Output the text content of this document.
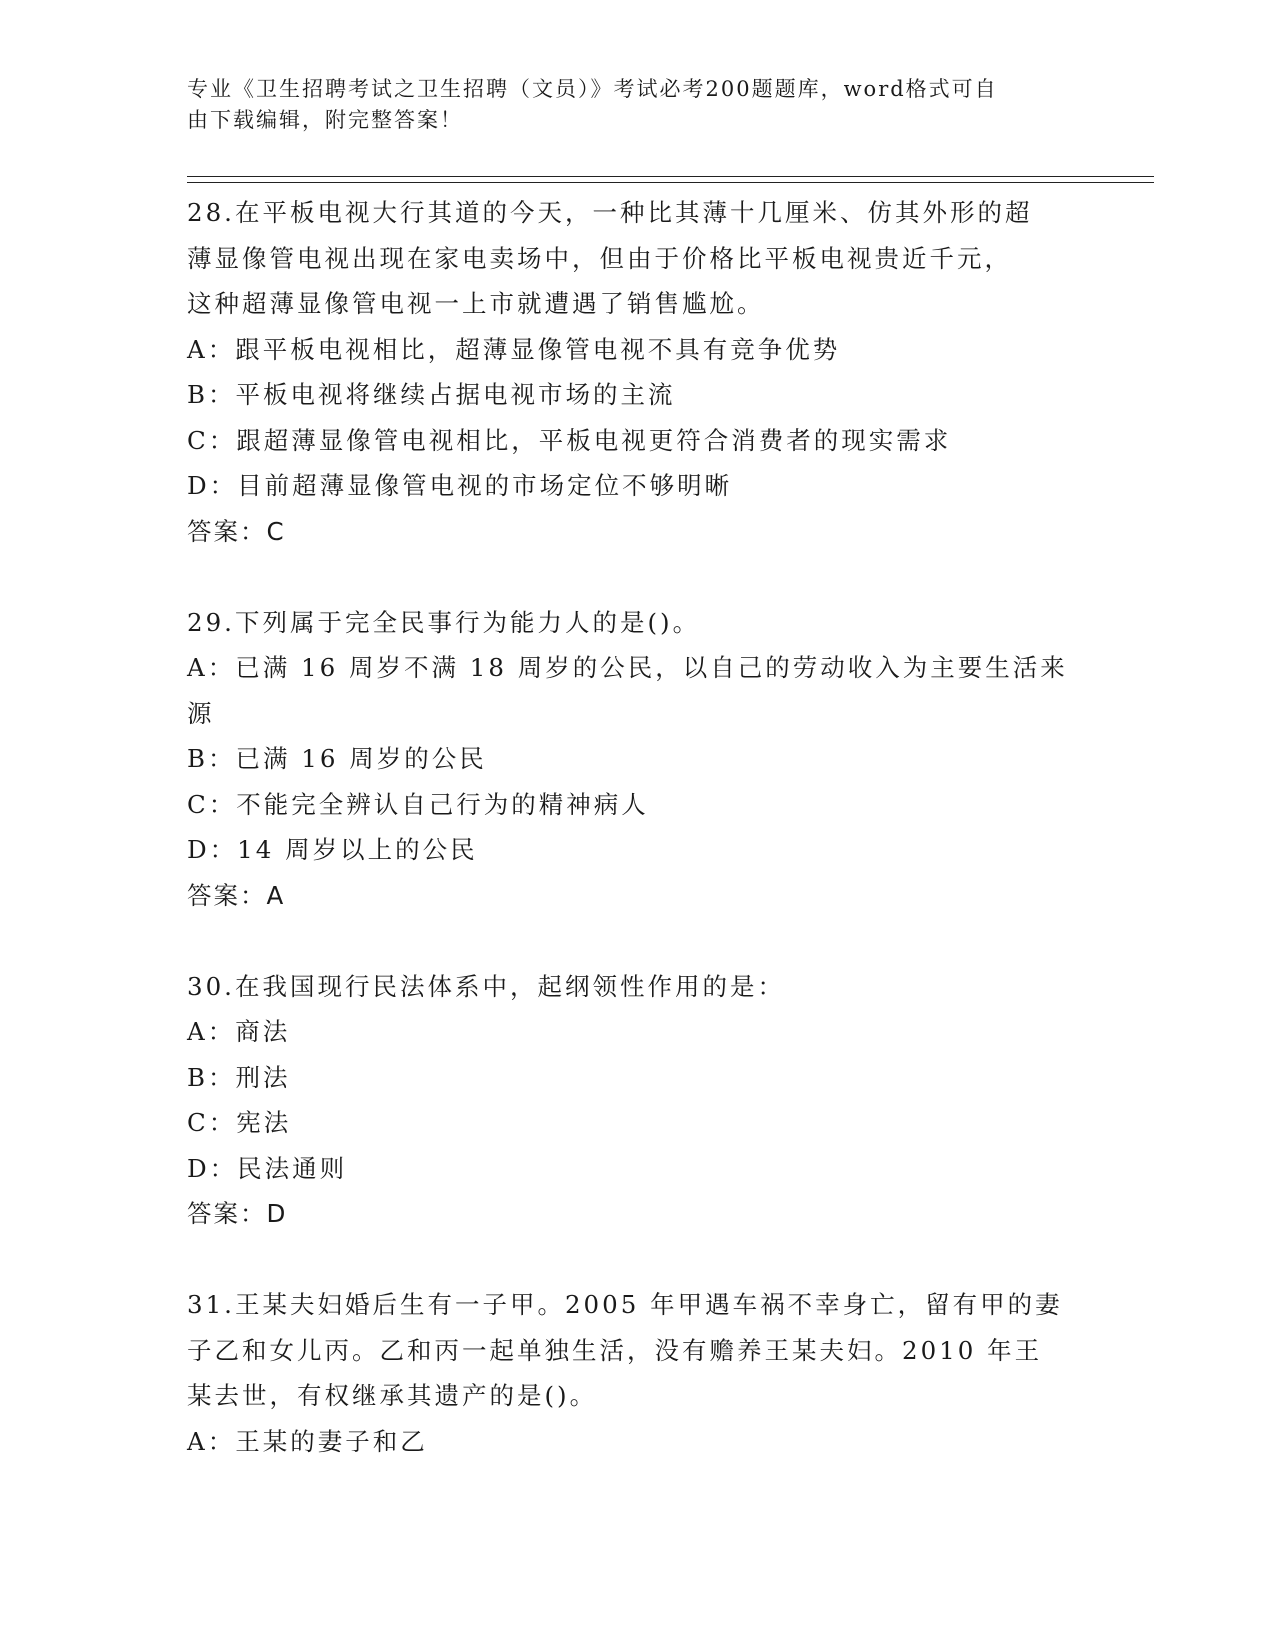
专业《卫生招聘考试之卫生招聘（文员）》考试必考200题题库，word格式可自
由下载编辑，附完整答案！
28.在平板电视大行其道的今天，一种比其薄十几厘米、仿其外形的超
薄显像管电视出现在家电卖场中，但由于价格比平板电视贵近千元，
这种超薄显像管电视一上市就遭遇了销售尴尬。
A：跟平板电视相比，超薄显像管电视不具有竞争优势
B：平板电视将继续占据电视市场的主流
C：跟超薄显像管电视相比，平板电视更符合消费者的现实需求
D：目前超薄显像管电视的市场定位不够明晰
答案：C
29.下列属于完全民事行为能力人的是()。
A：已满 16 周岁不满 18 周岁的公民，以自己的劳动收入为主要生活来
源
B：已满 16 周岁的公民
C：不能完全辨认自己行为的精神病人
D：14 周岁以上的公民
答案：A
30.在我国现行民法体系中，起纲领性作用的是：
A：商法
B：刑法
C：宪法
D：民法通则
答案：D
31.王某夫妇婚后生有一子甲。2005 年甲遇车祸不幸身亡，留有甲的妻
子乙和女儿丙。乙和丙一起单独生活，没有赡养王某夫妇。2010 年王
某去世，有权继承其遗产的是()。
A：王某的妻子和乙
